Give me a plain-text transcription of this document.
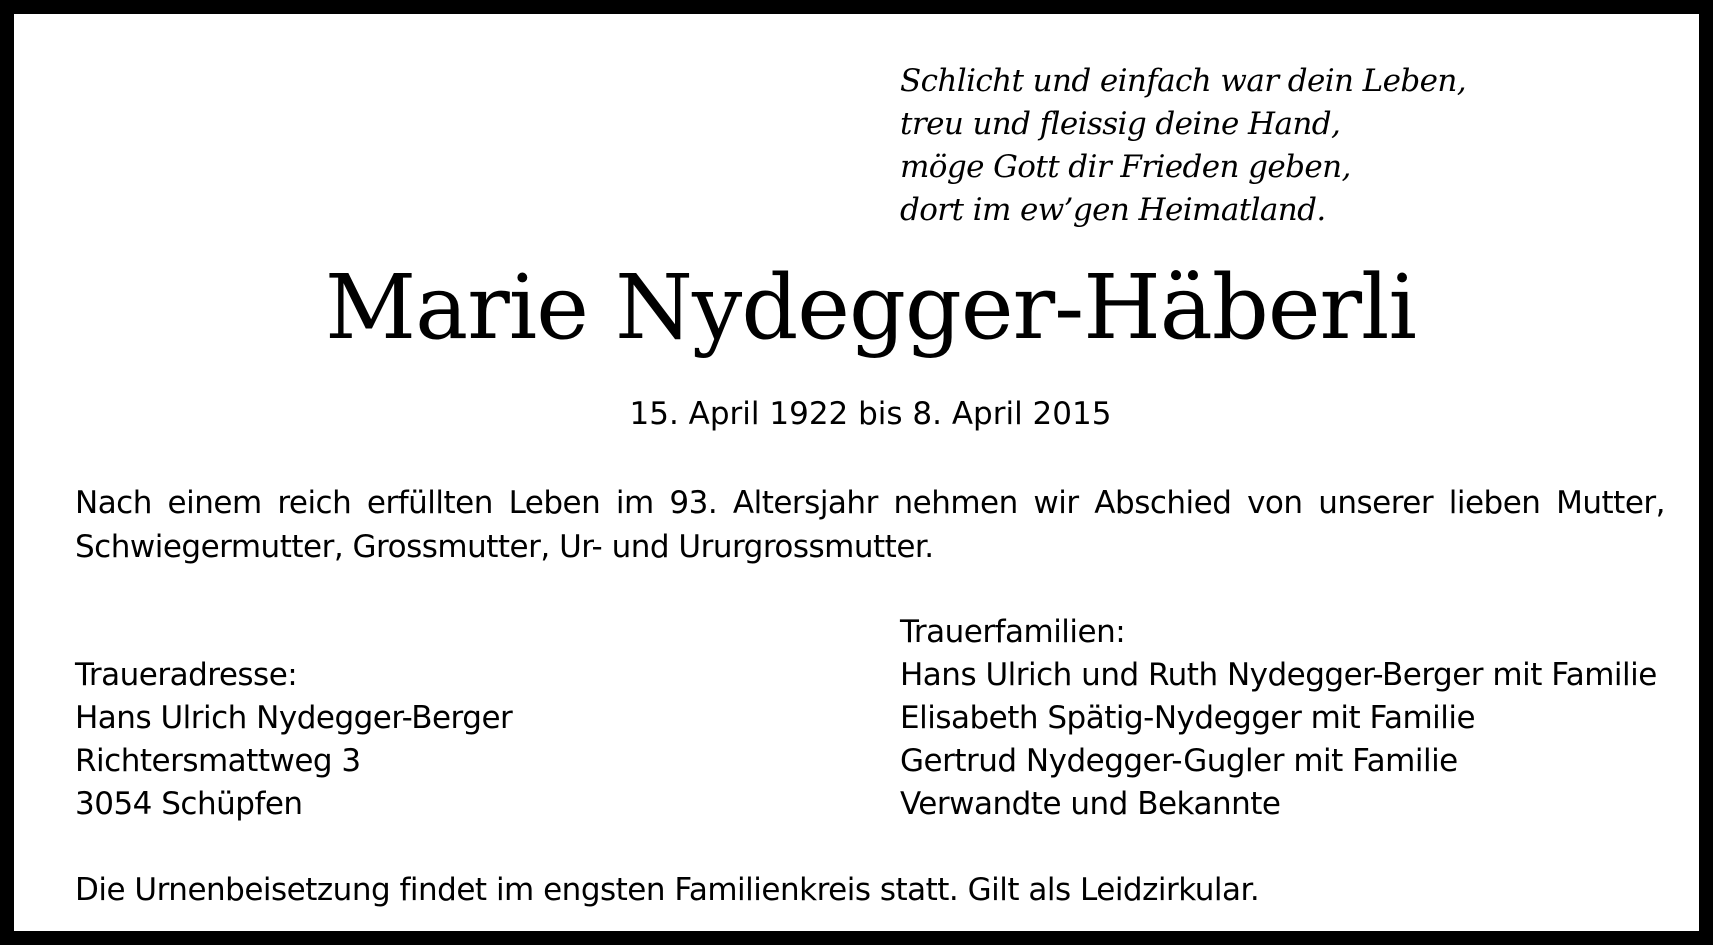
Schlicht und einfach war dein Leben,
treu und fleissig deine Hand,
möge Gott dir Frieden geben,
dort im ew’gen Heimatland.
Marie Nydegger-Häberli
15. April 1922 bis 8. April 2015
Nach einem reich erfüllten Leben im 93. Altersjahr nehmen wir Abschied von unserer lieben Mutter,
Schwiegermutter, Grossmutter, Ur- und Ururgrossmutter.
Traueradresse:
Hans Ulrich Nydegger-Berger
Richtersmattweg 3
3054 Schüpfen
Trauerfamilien:
Hans Ulrich und Ruth Nydegger-Berger mit Familie
Elisabeth Spätig-Nydegger mit Familie
Gertrud Nydegger-Gugler mit Familie
Verwandte und Bekannte
Die Urnenbeisetzung findet im engsten Familienkreis statt. Gilt als Leidzirkular.
